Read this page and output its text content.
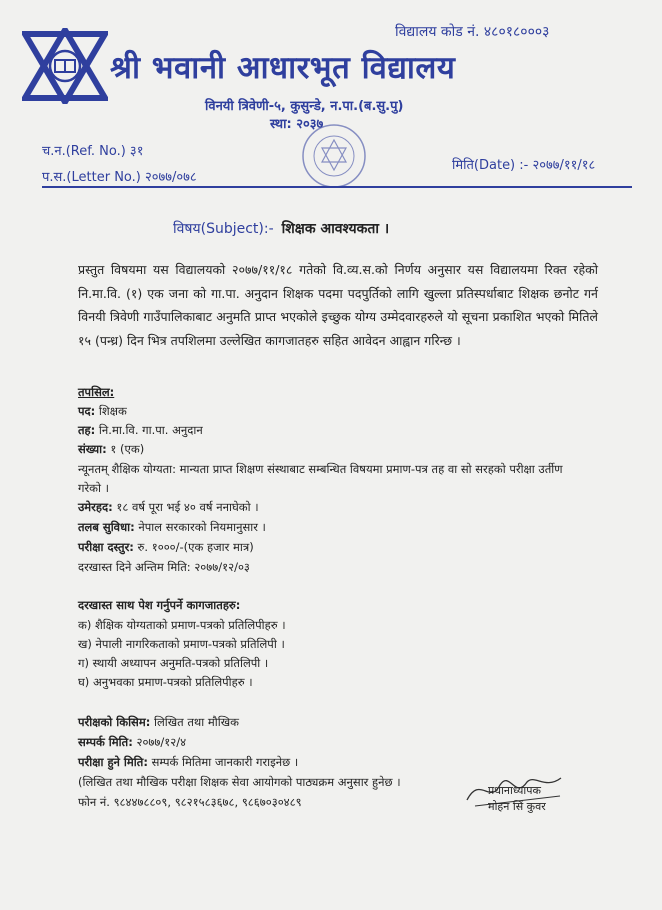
विद्यालय कोड नं. ४८०१८०००३
श्री भवानी आधारभूत विद्यालय
विनयी त्रिवेणी-५, कुसुन्डे, न.पा.(ब.सु.पु)
स्था: २०३७
च.न.(Ref. No.) ३१
प.स.(Letter No.) २०७७/०७८
मिति(Date) :- २०७७/११/१८
विषय(Subject):- शिक्षक आवश्यकता ।
प्रस्तुत विषयमा यस विद्यालयको २०७७/११/१८ गतेको वि.व्य.स.को निर्णय अनुसार यस विद्यालयमा रिक्त रहेको नि.मा.वि. (१) एक जना को गा.पा. अनुदान शिक्षक पदमा पदपुर्तिको लागि खुल्ला प्रतिस्पर्धाबाट शिक्षक छनोट गर्न विनयी त्रिवेणी गाउँपालिकाबाट अनुमति प्राप्त भएकोले इच्छुक योग्य उम्मेदवारहरुले यो सूचना प्रकाशित भएको मितिले १५ (पन्ध्र) दिन भित्र तपशिलमा उल्लेखित कागजातहरु सहित आवेदन आह्वान गरिन्छ ।
तपसिल:
पद: शिक्षक
तह: नि.मा.वि. गा.पा. अनुदान
संख्या: १ (एक)
न्यूनतम् शैक्षिक योग्यता: मान्यता प्राप्त शिक्षण संस्थाबाट सम्बन्धित विषयमा प्रमाण-पत्र तह वा सो सरहको परीक्षा उर्तीण गरेको ।
उमेरहद: १८ वर्ष पूरा भई ४० वर्ष ननाघेको ।
तलब सुविधा: नेपाल सरकारको नियमानुसार ।
परीक्षा दस्तुर: रु. १०००/-(एक हजार मात्र)
दरखास्त दिने अन्तिम मिति: २०७७/१२/०३
दरखास्त साथ पेश गर्नुपर्ने कागजातहरु:
क) शैक्षिक योग्यताको प्रमाण-पत्रको प्रतिलिपीहरु ।
ख) नेपाली नागरिकताको प्रमाण-पत्रको प्रतिलिपी ।
ग) स्थायी अध्यापन अनुमति-पत्रको प्रतिलिपी ।
घ) अनुभवका प्रमाण-पत्रको प्रतिलिपीहरु ।
परीक्षको किसिम: लिखित तथा मौखिक
सम्पर्क मिति: २०७७/१२/४
परीक्षा हुने मिति: सम्पर्क मितिमा जानकारी गराइनेछ ।
(लिखित तथा मौखिक परीक्षा शिक्षक सेवा आयोगको पाठ्यक्रम अनुसार हुनेछ ।
फोन नं. ९८४४७८८०९, ९८२१५८३६७८, ९८६७०३०४८९
प्रधानाध्यापक
मोहन सिं कुवर
